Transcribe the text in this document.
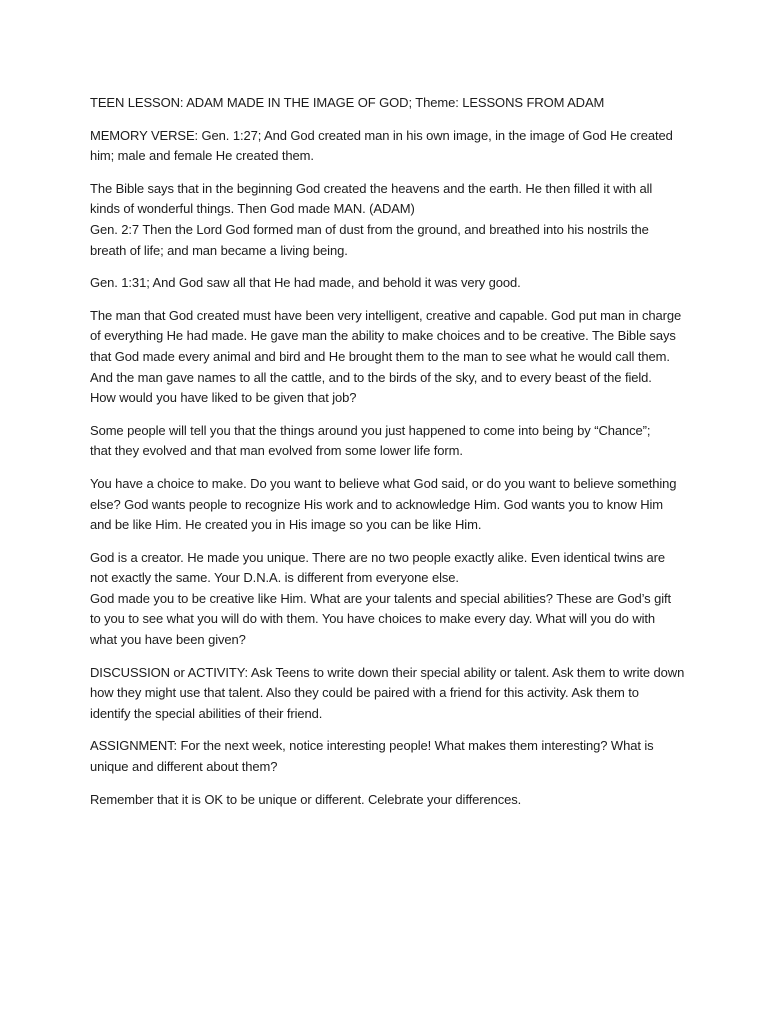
TEEN LESSON: ADAM MADE IN THE IMAGE OF GOD; Theme: LESSONS FROM ADAM

MEMORY VERSE: Gen. 1:27; And God created man in his own image, in the image of God He created
him; male and female He created them.

The Bible says that in the beginning God created the heavens and the earth. He then filled it with all
kinds of wonderful things. Then God made MAN. (ADAM)
Gen. 2:7 Then the Lord God formed man of dust from the ground, and breathed into his nostrils the
breath of life; and man became a living being.

Gen. 1:31; And God saw all that He had made, and behold it was very good.

The man that God created must have been very intelligent, creative and capable. God put man in charge
of everything He had made. He gave man the ability to make choices and to be creative. The Bible says
that God made every animal and bird and He brought them to the man to see what he would call them.
And the man gave names to all the cattle, and to the birds of the sky, and to every beast of the field.
How would you have liked to be given that job?

Some people will tell you that the things around you just happened to come into being by “Chance”;
that they evolved and that man evolved from some lower life form.

You have a choice to make. Do you want to believe what God said, or do you want to believe something
else? God wants people to recognize His work and to acknowledge Him. God wants you to know Him
and be like Him. He created you in His image so you can be like Him.

God is a creator. He made you unique. There are no two people exactly alike. Even identical twins are
not exactly the same. Your D.N.A. is different from everyone else.
God made you to be creative like Him. What are your talents and special abilities? These are God’s gift
to you to see what you will do with them. You have choices to make every day. What will you do with
what you have been given?

DISCUSSION or ACTIVITY: Ask Teens to write down their special ability or talent. Ask them to write down
how they might use that talent. Also they could be paired with a friend for this activity. Ask them to
identify the special abilities of their friend.

ASSIGNMENT: For the next week, notice interesting people! What makes them interesting? What is
unique and different about them?

Remember that it is OK to be unique or different. Celebrate your differences.
